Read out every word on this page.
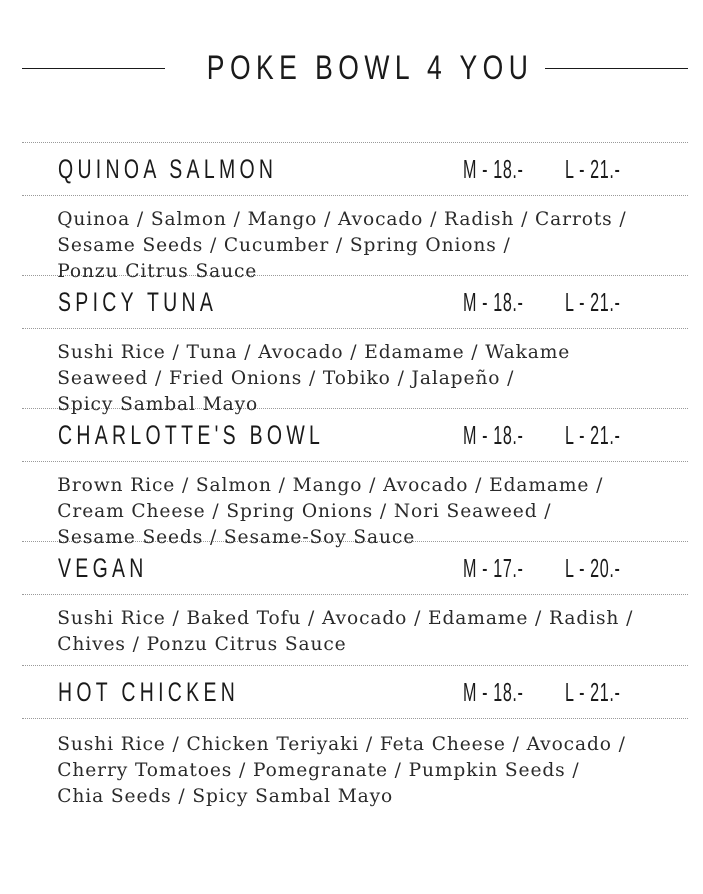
POKE BOWL 4 YOU
QUINOA SALMON	M - 18.- L - 21.-
Quinoa / Salmon / Mango / Avocado / Radish / Carrots /
Sesame Seeds / Cucumber / Spring Onions /
Ponzu Citrus Sauce
SPICY TUNA	M - 18.- L - 21.-
Sushi Rice / Tuna / Avocado / Edamame / Wakame
Seaweed / Fried Onions / Tobiko / Jalapeño /
Spicy Sambal Mayo
CHARLOTTE'S BOWL	M - 18.- L - 21.-
Brown Rice / Salmon / Mango / Avocado / Edamame /
Cream Cheese / Spring Onions / Nori Seaweed /
Sesame Seeds / Sesame-Soy Sauce
VEGAN	M - 17.- L - 20.-
Sushi Rice / Baked Tofu / Avocado / Edamame / Radish /
Chives / Ponzu Citrus Sauce
HOT CHICKEN	M - 18.- L - 21.-
Sushi Rice / Chicken Teriyaki / Feta Cheese / Avocado /
Cherry Tomatoes / Pomegranate / Pumpkin Seeds /
Chia Seeds / Spicy Sambal Mayo
